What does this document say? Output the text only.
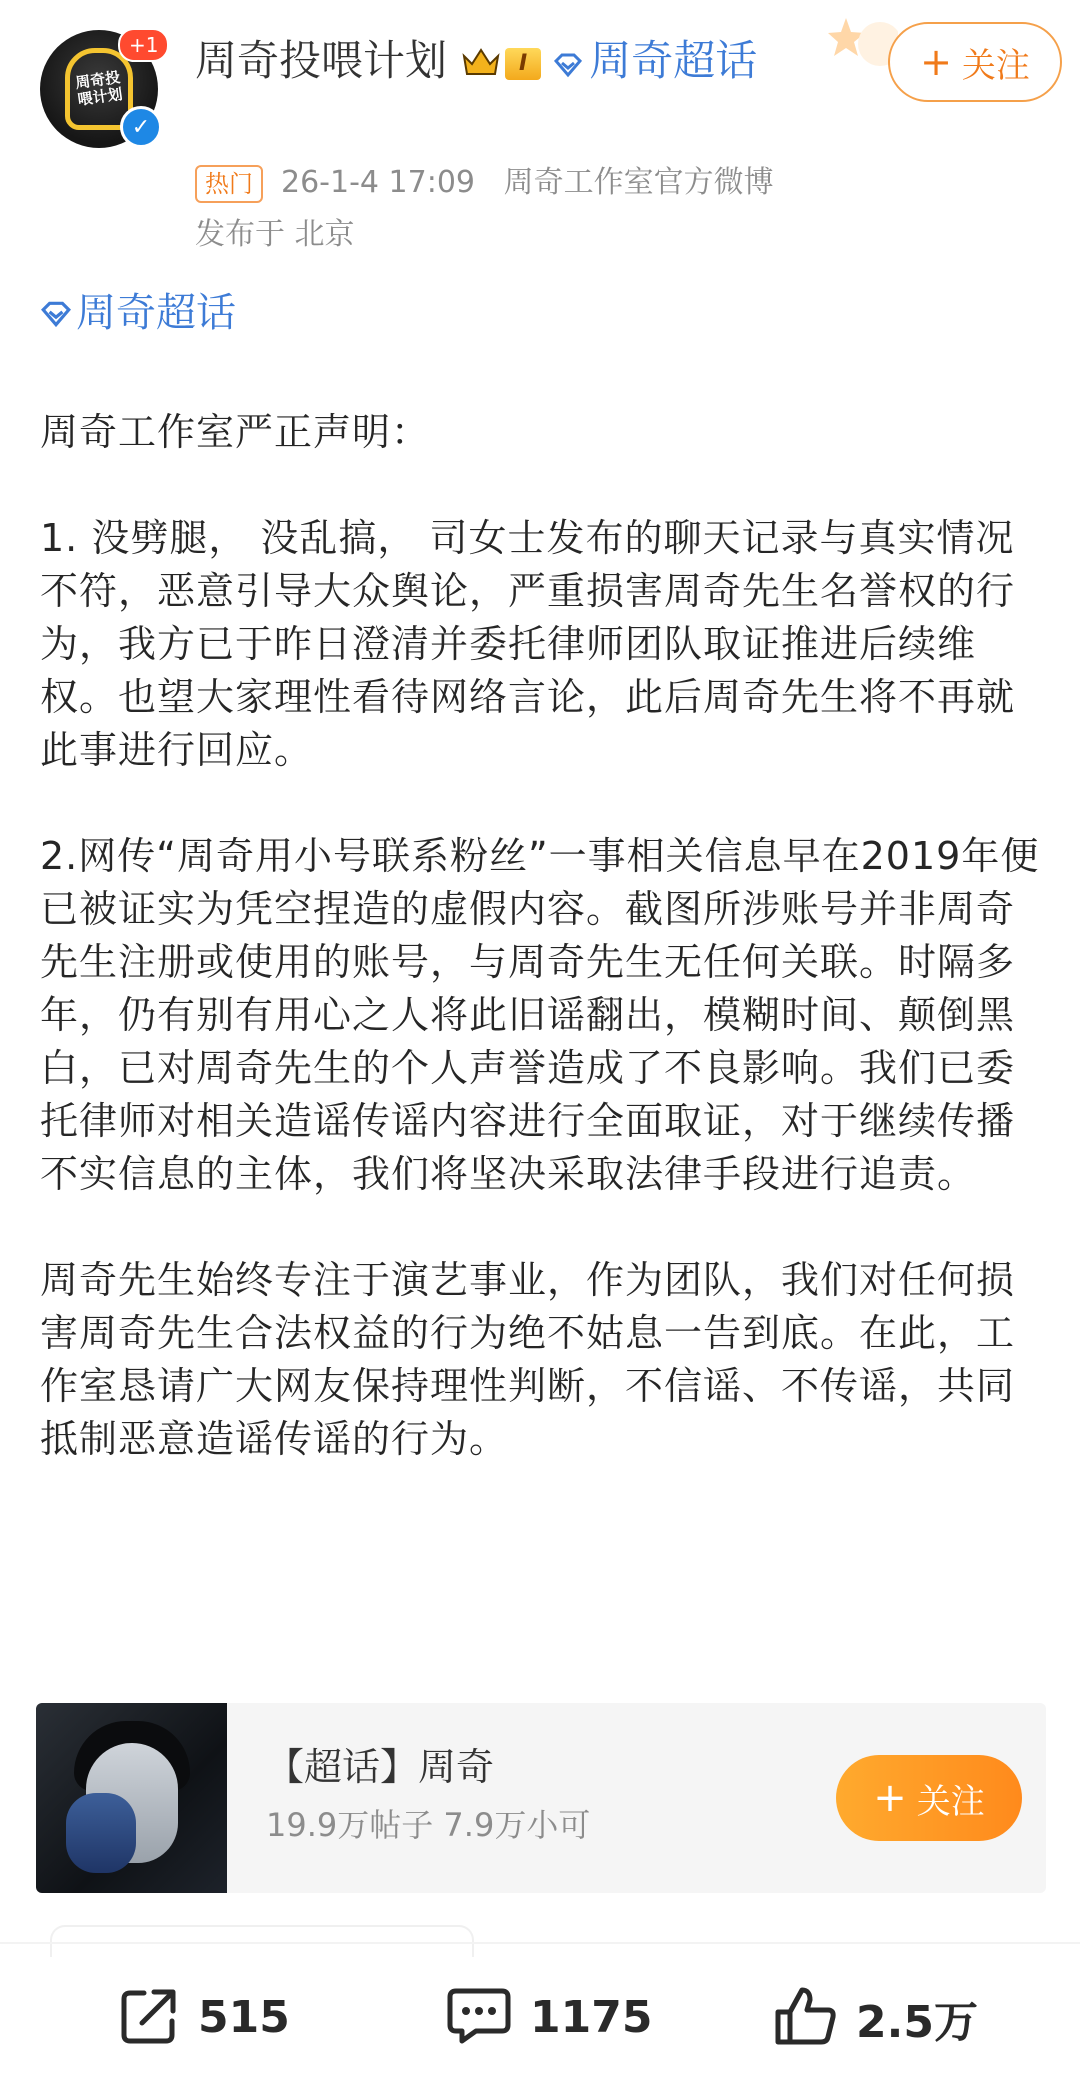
周奇投喂计划
+1
✓
周奇投喂计划	I 周奇超话	+ 关注
热门 26-1-4 17:09 周奇工作室官方微博
发布于 北京
周奇超话

周奇工作室严正声明：

1. 没劈腿， 没乱搞， 司女士发布的聊天记录与真实情况不符，恶意引导大众舆论，严重损害周奇先生名誉权的行为，我方已于昨日澄清并委托律师团队取证推进后续维权。也望大家理性看待网络言论，此后周奇先生将不再就此事进行回应。

2.网传“周奇用小号联系粉丝”一事相关信息早在2019年便已被证实为凭空捏造的虚假内容。截图所涉账号并非周奇先生注册或使用的账号，与周奇先生无任何关联。时隔多年，仍有别有用心之人将此旧谣翻出，模糊时间、颠倒黑白，已对周奇先生的个人声誉造成了不良影响。我们已委托律师对相关造谣传谣内容进行全面取证，对于继续传播不实信息的主体，我们将坚决采取法律手段进行追责。

周奇先生始终专注于演艺事业，作为团队，我们对任何损害周奇先生合法权益的行为绝不姑息一告到底。在此，工作室恳请广大网友保持理性判断，不信谣、不传谣，共同抵制恶意造谣传谣的行为。

【超话】周奇
19.9万帖子 7.9万小可
+ 关注
515	1175	2.5万
